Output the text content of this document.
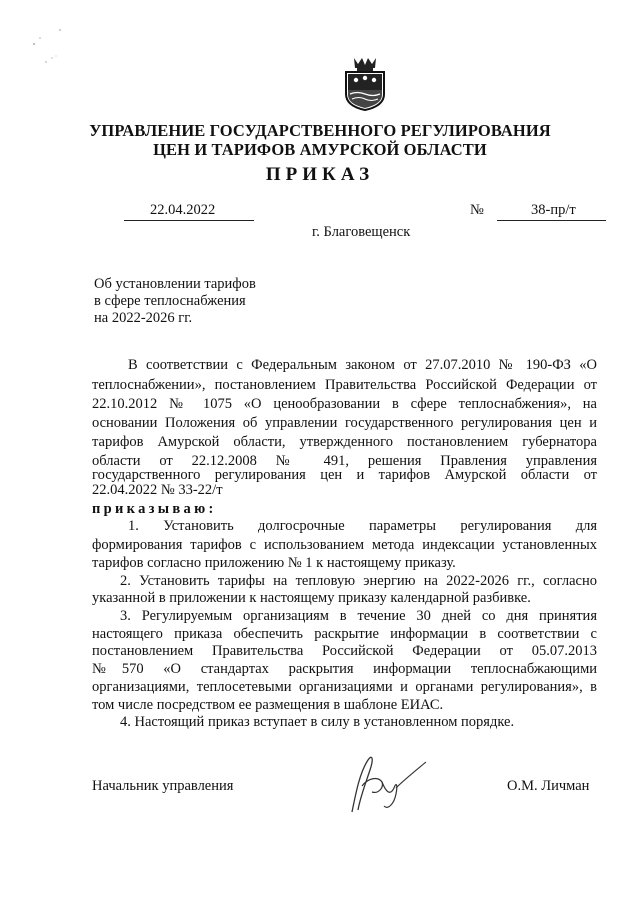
УПРАВЛЕНИЕ ГОСУДАРСТВЕННОГО РЕГУЛИРОВАНИЯ
ЦЕН И ТАРИФОВ АМУРСКОЙ ОБЛАСТИ
ПРИКАЗ
22.04.2022	№	38-пр/т
г. Благовещенск
Об установлении тарифов
в сфере теплоснабжения
на 2022-2026 гг.
В соответствии с Федеральным законом от 27.07.2010 № 190-ФЗ «О
теплоснабжении», постановлением Правительства Российской Федерации от
22.10.2012 № 1075 «О ценообразовании в сфере теплоснабжения», на
основании Положения об управлении государственного регулирования цен и
тарифов Амурской области, утвержденного постановлением губернатора
области от 22.12.2008 № 491, решения Правления управления
государственного регулирования цен и тарифов Амурской области от
22.04.2022 № 33-22/т
приказываю:
1. Установить долгосрочные параметры регулирования для
формирования тарифов с использованием метода индексации установленных
тарифов согласно приложению № 1 к настоящему приказу.
2. Установить тарифы на тепловую энергию на 2022-2026 гг., согласно
указанной в приложении к настоящему приказу календарной разбивке.
3. Регулируемым организациям в течение 30 дней со дня принятия
настоящего приказа обеспечить раскрытие информации в соответствии с
постановлением Правительства Российской Федерации от 05.07.2013
№570 «О стандартах раскрытия информации теплоснабжающими
организациями, теплосетевыми организациями и органами регулирования», в
том числе посредством ее размещения в шаблоне ЕИАС.
4. Настоящий приказ вступает в силу в установленном порядке.
Начальник управления	О.М. Личман
